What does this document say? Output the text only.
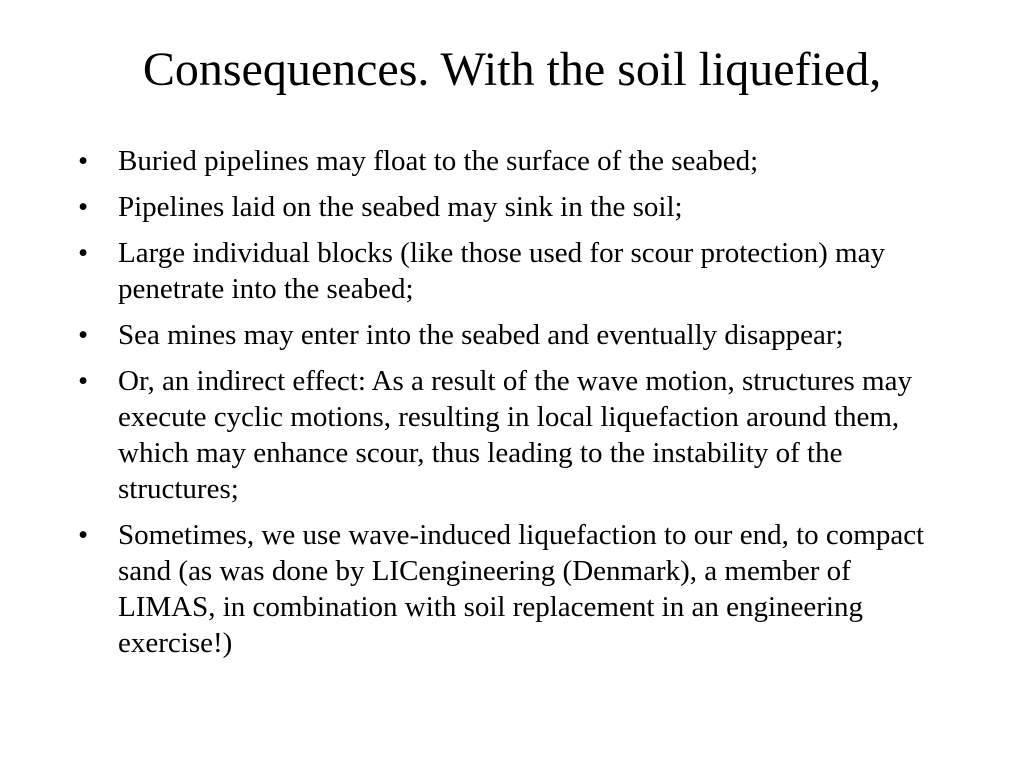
Consequences. With the soil liquefied,
•	Buried pipelines may float to the surface of the seabed;
•	Pipelines laid on the seabed may sink in the soil;
•	Large individual blocks (like those used for scour protection) may penetrate into the seabed;
•	Sea mines may enter into the seabed and eventually disappear;
•	Or, an indirect effect: As a result of the wave motion, structures may execute cyclic motions, resulting in local liquefaction around them, which may enhance scour, thus leading to the instability of the structures;
•	Sometimes, we use wave-induced liquefaction to our end, to compact sand (as was done by LICengineering (Denmark), a member of LIMAS, in combination with soil replacement in an engineering exercise!)
